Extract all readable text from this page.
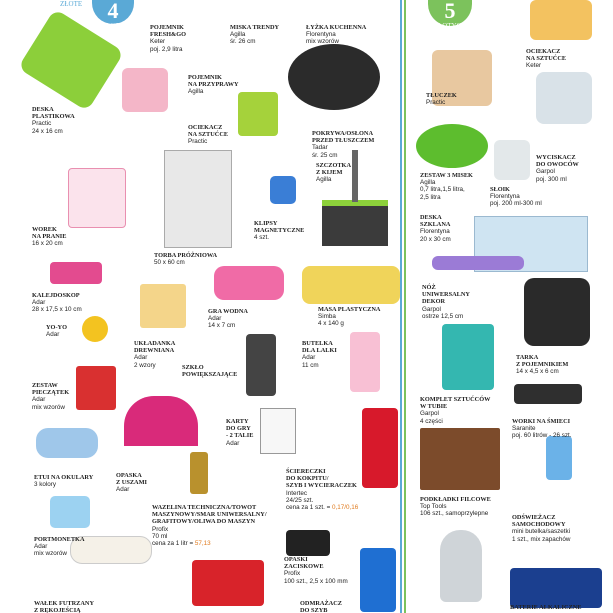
4
ZŁOTE
ZŁOTE	5
ZŁOTYCH
POJEMNIK
FRESH&GO
Keter
poj. 2,9 litra
MISKA TRENDY
Agilla
śr. 26 cm
ŁYŻKA KUCHENNA
Florentyna
mix wzorów
DESKA
PLASTIKOWA
Practic
24 x 16 cm
POJEMNIK
NA PRZYPRAWY
Agilla
OCIEKACZ
NA SZTUĆCE
Practic
POKRYWA/OSŁONA
PRZED TŁUSZCZEM
Tadar
śr. 25 cm
SZCZOTKA
Z KIJEM
Agilla
WOREK
NA PRANIE
16 x 20 cm
KLIPSY
MAGNETYCZNE
4 szt.
TORBA PRÓŻNIOWA
50 x 60 cm
KALEJDOSKOP
Adar
28 x 17,5 x 10 cm	GRA WODNA
Adar
14 x 7 cm
MASA PLASTYCZNA
Simba
4 x 140 g
YO-YO
Adar
UKŁADANKA
DREWNIANA
Adar
2 wzory	SZKŁO
POWIĘKSZAJĄCE
BUTELKA
DLA LALKI
Adar
11 cm
ZESTAW
PIECZĄTEK
Adar
mix wzorów
KARTY
DO GRY
- 2 TALIE
Adar
ETUI NA OKULARY
3 kolory
OPASKA
Z USZAMI
Adar
ŚCIERECZKI
DO KOKPITU/
SZYB I WYCIERACZEK
Intertec
24/25 szt.
cena za 1 szt. = 0,17/0,16
WAZELINA TECHNICZNA/TOWOT
MASZYNOWY/SMAR UNIWERSALNY/
GRAFITOWY/OLIWA DO MASZYN
Profix
70 ml
cena za 1 litr = 57,13
PORTMONETKA
Adar
mix wzorów
OPASKI
ZACISKOWE
Profix
100 szt., 2,5 x 100 mm
WAŁEK FUTRZANY
Z RĘKOJEŚCIĄ
ODMRAŻACZ
DO SZYB
OCIEKACZ
NA SZTUĆCE
Keter
TŁUCZEK
Practic
WYCISKACZ
DO OWOCÓW
Garpol
poj. 300 ml
ZESTAW 3 MISEK
Agilla
0,7 litra,1,5 litra,
2,5 litra
SŁOIK
Florentyna
poj. 200 ml-300 ml
DESKA
SZKLANA
Florentyna
20 x 30 cm
NÓŻ
UNIWERSALNY
DEKOR
Garpol
ostrze 12,5 cm
TARKA
Z POJEMNIKIEM
14 x 4,5 x 6 cm
KOMPLET SZTUĆCÓW
W TUBIE
Garpol
4 części	WORKI NA ŚMIECI
Saranite
poj. 60 litrów - 26 szt.
PODKŁADKI FILCOWE
Top Tools
106 szt., samoprzylepne
ODŚWIEŻACZ
SAMOCHODOWY
mini butelka/saszetki
1 szt., mix zapachów
BATERIE ALKALICZNE
